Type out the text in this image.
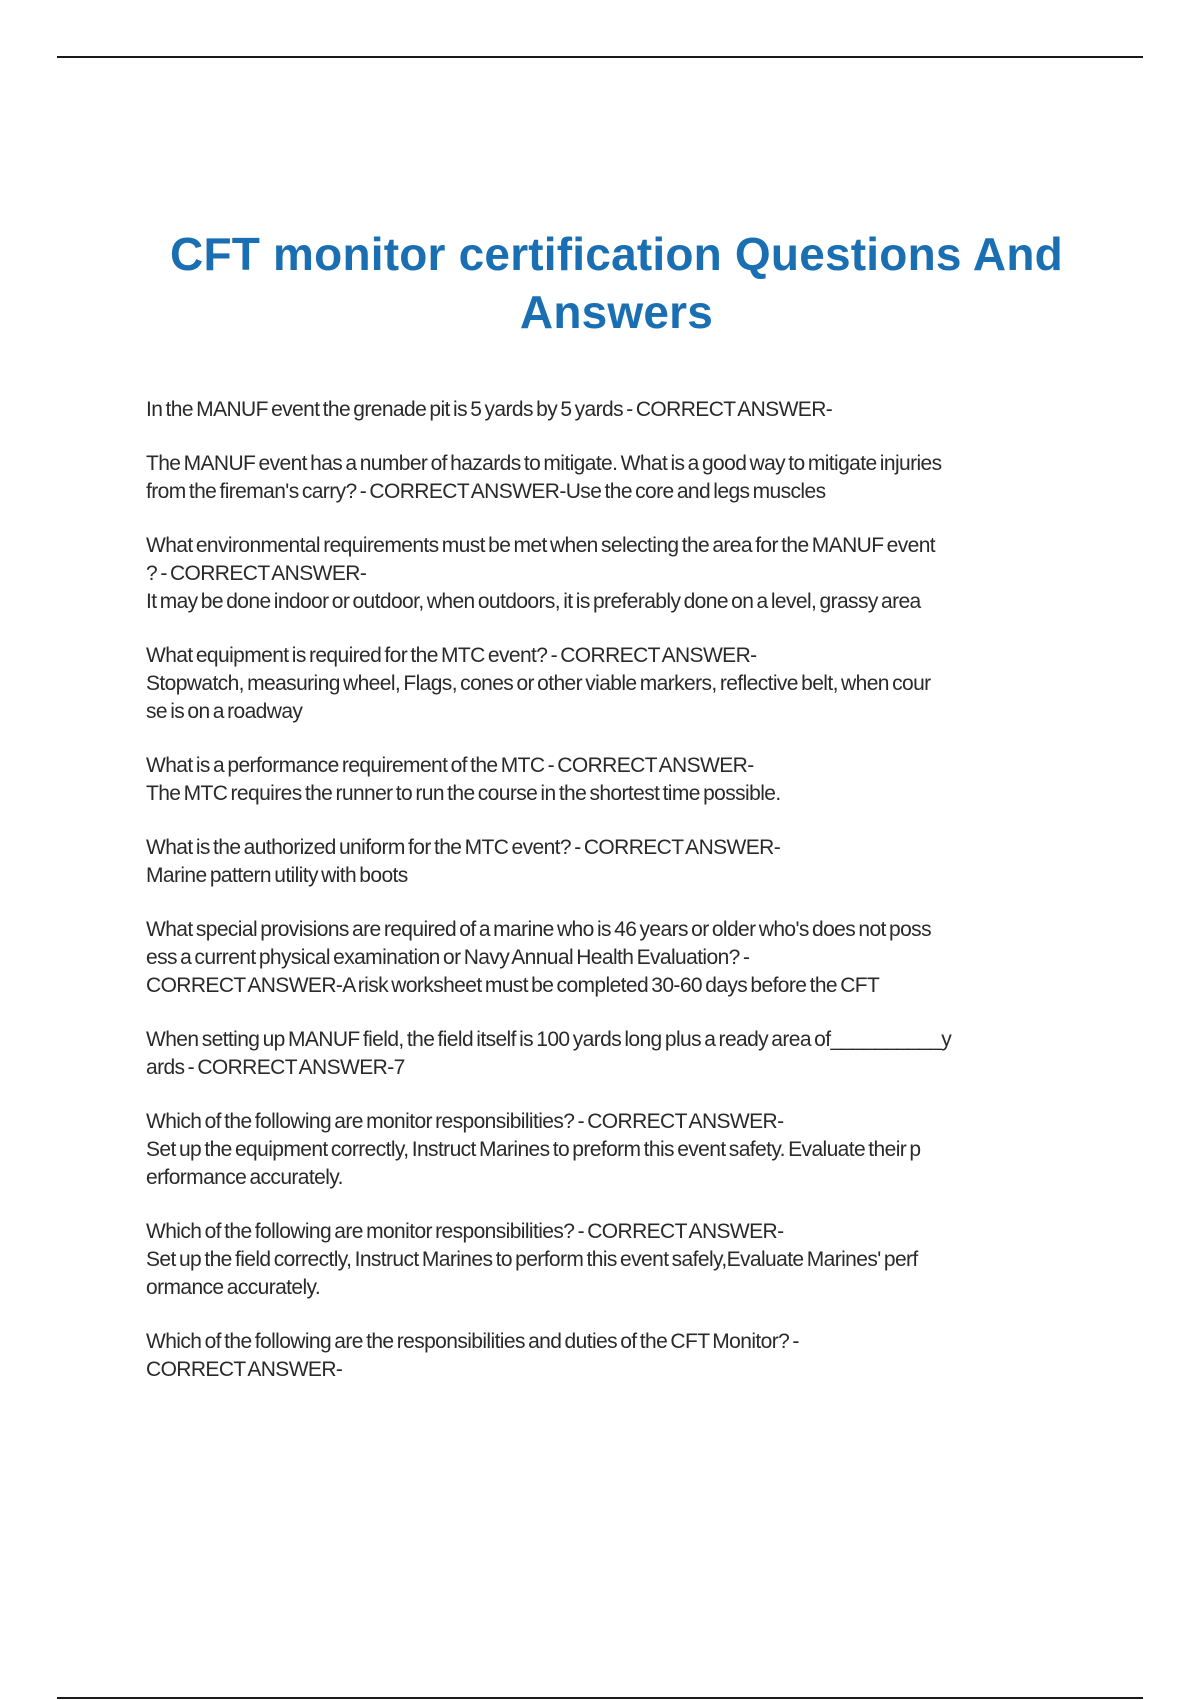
CFT monitor certification Questions And Answers
In the MANUF event the grenade pit is 5 yards by 5 yards - CORRECT ANSWER-
The MANUF event has a number of hazards to mitigate. What is a good way to mitigate injuries
from the fireman's carry? - CORRECT ANSWER-Use the core and legs muscles
What environmental requirements must be met when selecting the area for the MANUF event
? - CORRECT ANSWER-
It may be done indoor or outdoor, when outdoors, it is preferably done on a level, grassy area
What equipment is required for the MTC event? - CORRECT ANSWER-
Stopwatch, measuring wheel, Flags, cones or other viable markers, reflective belt, when cour
se is on a roadway
What is a performance requirement of the MTC - CORRECT ANSWER-
The MTC requires the runner to run the course in the shortest time possible.
What is the authorized uniform for the MTC event? - CORRECT ANSWER-
Marine pattern utility with boots
What special provisions are required of a marine who is 46 years or older who's does not poss
ess a current physical examination or Navy Annual Health Evaluation? -
CORRECT ANSWER-A risk worksheet must be completed 30-60 days before the CFT
When setting up MANUF field, the field itself is 100 yards long plus a ready area of__________y
ards - CORRECT ANSWER-7
Which of the following are monitor responsibilities? - CORRECT ANSWER-
Set up the equipment correctly, Instruct Marines to preform this event safety. Evaluate their p
erformance accurately.
Which of the following are monitor responsibilities? - CORRECT ANSWER-
Set up the field correctly, Instruct Marines to perform this event safely,Evaluate Marines' perf
ormance accurately.
Which of the following are the responsibilities and duties of the CFT Monitor? -
CORRECT ANSWER-
